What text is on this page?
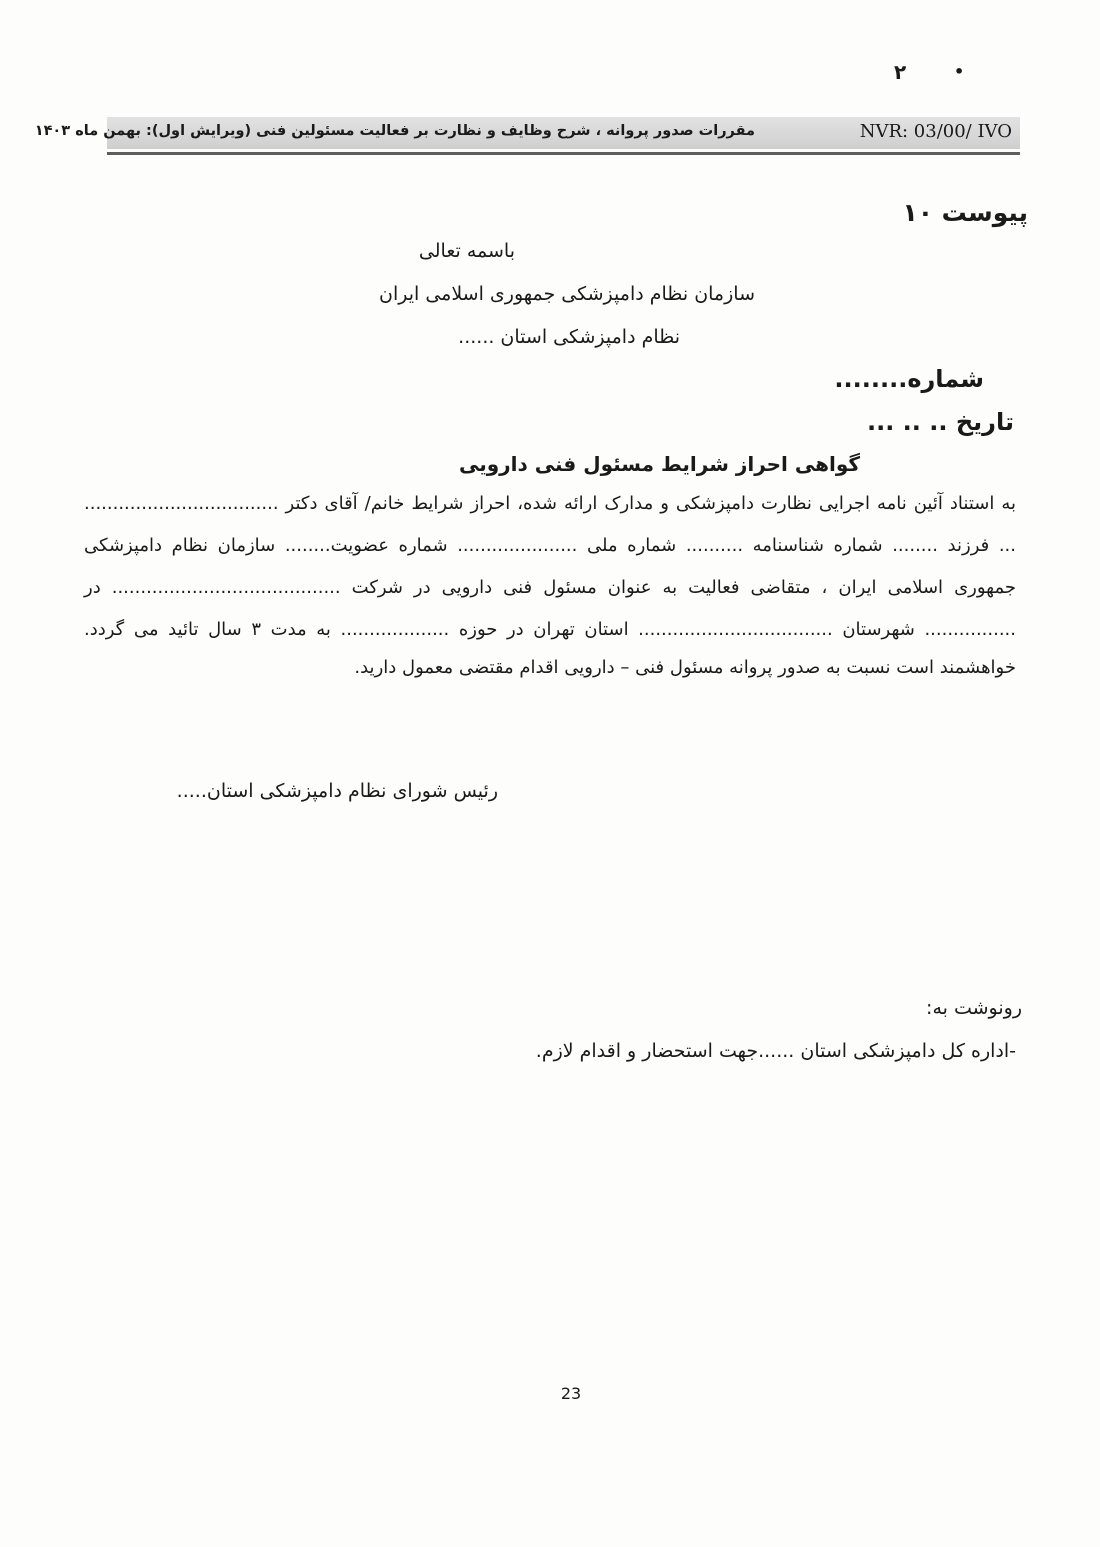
۲	•
NVR: 03/00/ IVO
مقررات صدور پروانه ، شرح وظایف و نظارت بر فعالیت مسئولین فنی (ویرایش اول): بهمن ماه ۱۴۰۳
پیوست ۱۰
باسمه تعالی
سازمان نظام دامپزشکی جمهوری اسلامی ایران
نظام دامپزشکی استان ......
شماره........
تاریخ .. .. ...
گواهی احراز شرایط مسئول فنی دارویی
به استناد آئین نامه اجرایی نظارت دامپزشکی و مدارک ارائه شده، احراز شرایط خانم/ آقای دکتر ..................................
... فرزند ........ شماره شناسنامه .......... شماره ملی ..................... شماره عضویت........ سازمان نظام دامپزشکی
جمهوری اسلامی ایران ، متقاضی فعالیت به عنوان مسئول فنی دارویی در شرکت ........................................ در
................ شهرستان .................................. استان تهران در حوزه ................... به مدت ۳ سال تائید می گردد.
خواهشمند است نسبت به صدور پروانه مسئول فنی – دارویی اقدام مقتضی معمول دارید.
رئیس شورای نظام دامپزشکی استان.....
رونوشت به:
-اداره کل دامپزشکی استان ......جهت استحضار و اقدام لازم.
23
